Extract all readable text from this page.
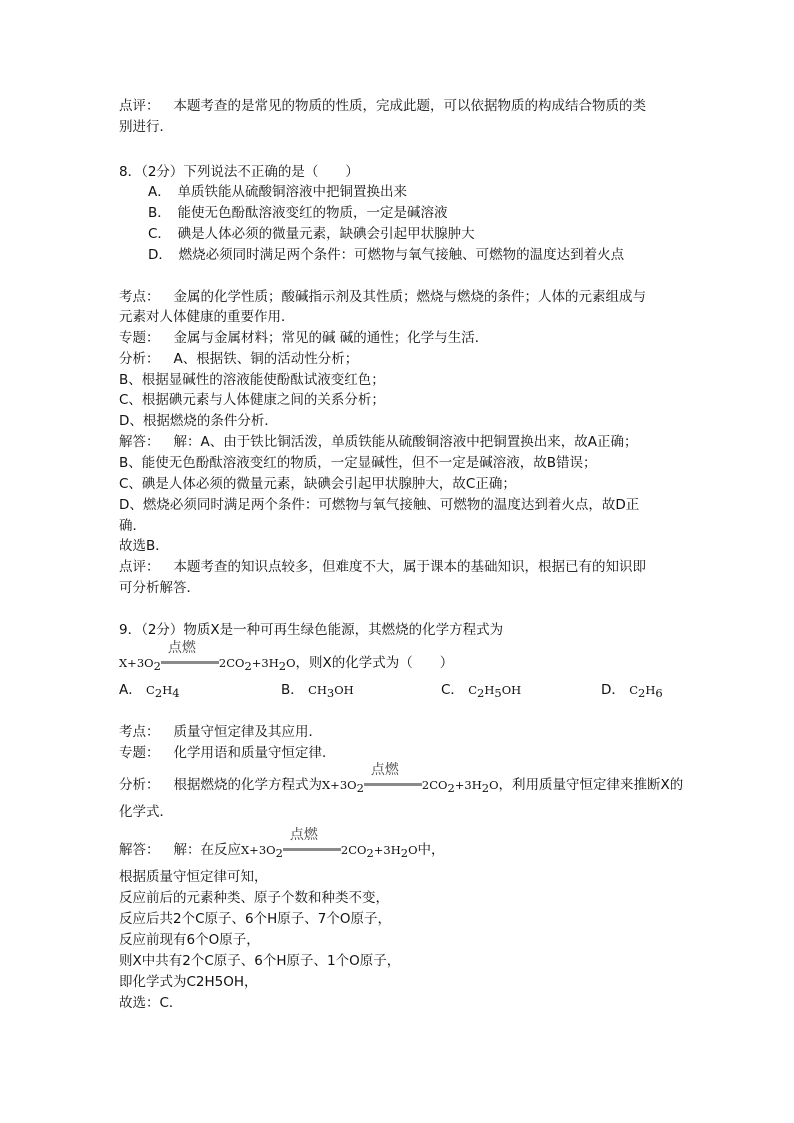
点评： 本题考查的是常见的物质的性质，完成此题，可以依据物质的构成结合物质的类
别进行．
8．（2分）下列说法不正确的是（　　）
A．　单质铁能从硫酸铜溶液中把铜置换出来
B．　能使无色酚酞溶液变红的物质，一定是碱溶液
C．　碘是人体必须的微量元素，缺碘会引起甲状腺肿大
D．　燃烧必须同时满足两个条件：可燃物与氧气接触、可燃物的温度达到着火点
考点： 金属的化学性质；酸碱指示剂及其性质；燃烧与燃烧的条件；人体的元素组成与
元素对人体健康的重要作用．
专题： 金属与金属材料；常见的碱 碱的通性；化学与生活．
分析： A、根据铁、铜的活动性分析；
B、根据显碱性的溶液能使酚酞试液变红色；
C、根据碘元素与人体健康之间的关系分析；
D、根据燃烧的条件分析．
解答： 解：A、由于铁比铜活泼，单质铁能从硫酸铜溶液中把铜置换出来，故A正确；
B、能使无色酚酞溶液变红的物质，一定显碱性，但不一定是碱溶液，故B错误；
C、碘是人体必须的微量元素，缺碘会引起甲状腺肿大，故C正确；
D、燃烧必须同时满足两个条件：可燃物与氧气接触、可燃物的温度达到着火点，故D正
确．
故选B．
点评： 本题考查的知识点较多，但难度不大，属于课本的基础知识，根据已有的知识即
可分析解答．
9．（2分）物质X是一种可再生绿色能源，其燃烧的化学方程式为
$X+3O_2$
点燃
$2CO_2+3H_2O$，则X的化学式为（　　）
A． $C_2H_4$	B． $CH_3OH$	C． $C_2H_5OH$	D． $C_2H_6$
考点： 质量守恒定律及其应用．
专题： 化学用语和质量守恒定律．
分析： 根据燃烧的化学方程式为$X+3O_2$
点燃
$2CO_2+3H_2O$，利用质量守恒定律来推断X的
化学式．
解答： 解：在反应$X+3O_2$
点燃
$2CO_2+3H_2O$中，
根据质量守恒定律可知，
反应前后的元素种类、原子个数和种类不变，
反应后共2个C原子、6个H原子、7个O原子，
反应前现有6个O原子，
则X中共有2个C原子、6个H原子、1个O原子，
即化学式为C2H5OH，
故选：C．
